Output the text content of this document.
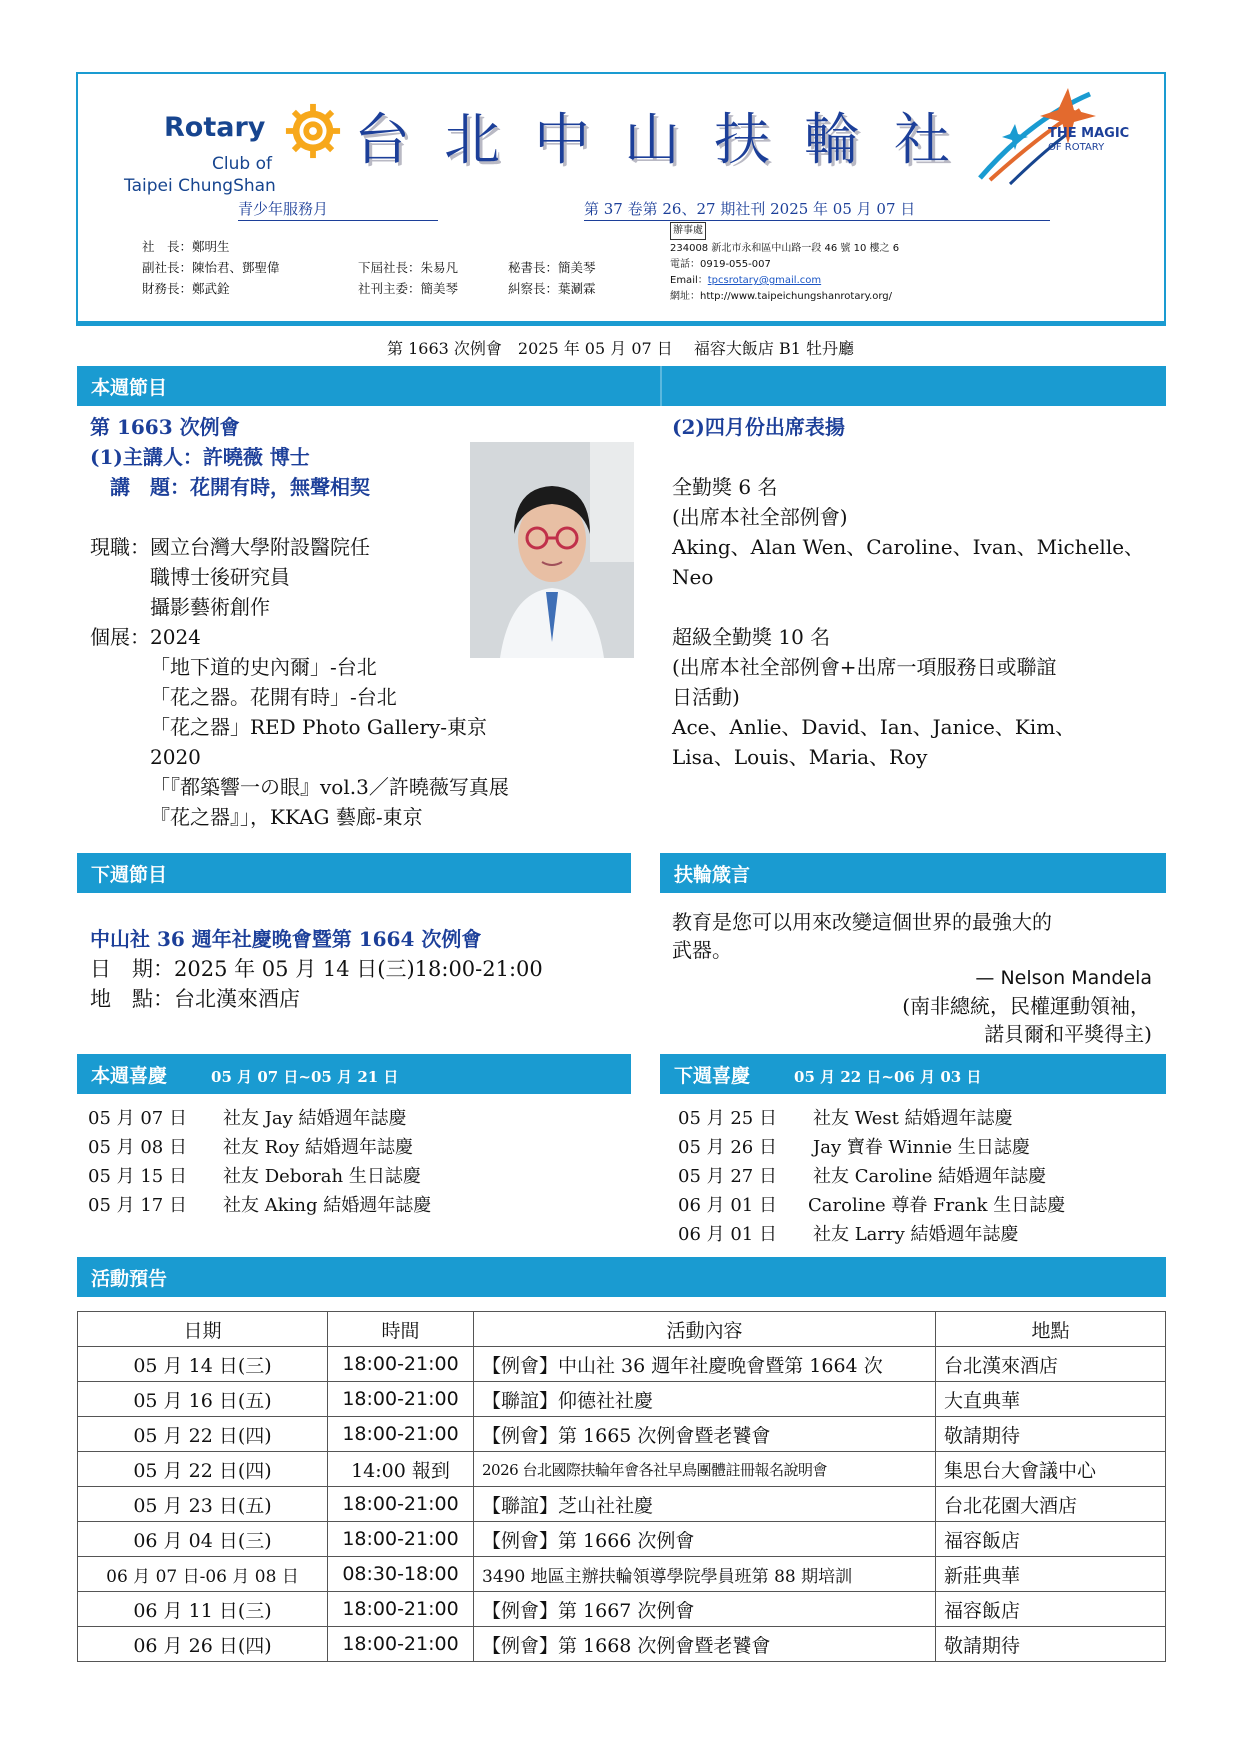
Rotary
Club of
Taipei ChungShan
台北中山扶輪社	THE MAGIC
OF ROTARY
青少年服務月	第 37 卷第 26、27 期社刊 2025 年 05 月 07 日
社　長：鄭明生
副社長：陳怡君、鄧聖偉	下屆社長：朱易凡	秘書長：簡美琴
財務長：鄭武銓	社刊主委：簡美琴	糾察長：葉涮霖
辦事處
234008 新北市永和區中山路一段 46 號 10 樓之 6
電話：0919-055-007
Email：tpcsrotary@gmail.com
網址：http://www.taipeichungshanrotary.org/
第 1663 次例會　2025 年 05 月 07 日　 福容大飯店 B1 牡丹廳
本週節目
第 1663 次例會
(1)主講人：許曉薇 博士
　講　題：花開有時，無聲相契
現職： 國立台灣大學附設醫院任
職博士後研究員
攝影藝術創作
個展： 2024
「地下道的史內爾」-台北
「花之器。花開有時」-台北
「花之器」RED Photo Gallery-東京
2020
「『都築響一の眼』vol.3／許曉薇写真展
『花之器』」，KKAG 藝廊-東京
(2)四月份出席表揚
全勤獎 6 名
(出席本社全部例會)
Aking、Alan Wen、Caroline、Ivan、Michelle、
Neo
超級全勤獎 10 名
(出席本社全部例會+出席一項服務日或聯誼
日活動)
Ace、Anlie、David、Ian、Janice、Kim、
Lisa、Louis、Maria、Roy
下週節目	扶輪箴言
中山社 36 週年社慶晚會暨第 1664 次例會
日　期：2025 年 05 月 14 日(三)18:00-21:00
地　點：台北漢來酒店
教育是您可以用來改變這個世界的最強大的
武器。
— Nelson Mandela
(南非總統，民權運動領袖，
諾貝爾和平獎得主)
本週喜慶	05 月 07 日~05 月 21 日	下週喜慶	05 月 22 日~06 月 03 日
05 月 07 日 社友 Jay 結婚週年誌慶
05 月 08 日 社友 Roy 結婚週年誌慶
05 月 15 日 社友 Deborah 生日誌慶
05 月 17 日 社友 Aking 結婚週年誌慶
05 月 25 日 社友 West 結婚週年誌慶
05 月 26 日 Jay 寶眷 Winnie 生日誌慶
05 月 27 日 社友 Caroline 結婚週年誌慶
06 月 01 日 Caroline 尊眷 Frank 生日誌慶
06 月 01 日 社友 Larry 結婚週年誌慶
活動預告
日期	時間	活動內容	地點
05 月 14 日(三)	18:00-21:00	【例會】中山社 36 週年社慶晚會暨第 1664 次	台北漢來酒店
05 月 16 日(五)	18:00-21:00	【聯誼】仰德社社慶	大直典華
05 月 22 日(四)	18:00-21:00	【例會】第 1665 次例會暨老饕會	敬請期待
05 月 22 日(四)	14:00 報到	2026 台北國際扶輪年會各社早鳥團體註冊報名說明會	集思台大會議中心
05 月 23 日(五)	18:00-21:00	【聯誼】芝山社社慶	台北花園大酒店
06 月 04 日(三)	18:00-21:00	【例會】第 1666 次例會	福容飯店
06 月 07 日-06 月 08 日	08:30-18:00	3490 地區主辦扶輪領導學院學員班第 88 期培訓	新莊典華
06 月 11 日(三)	18:00-21:00	【例會】第 1667 次例會	福容飯店
06 月 26 日(四)	18:00-21:00	【例會】第 1668 次例會暨老饕會	敬請期待
